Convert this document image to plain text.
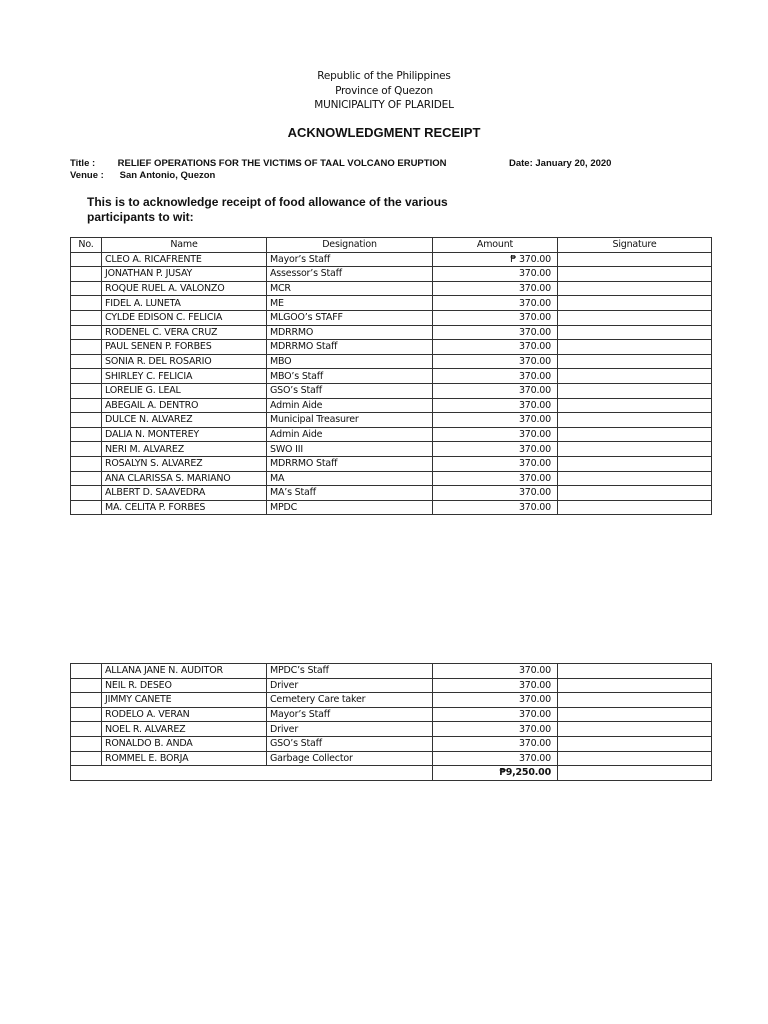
Republic of the Philippines
Province of Quezon
MUNICIPALITY OF PLARIDEL
ACKNOWLEDGMENT RECEIPT
Title : RELIEF OPERATIONS FOR THE VICTIMS OF TAAL VOLCANO ERUPTION
Venue : San Antonio, Quezon
Date: January 20, 2020
This is to acknowledge receipt of food allowance of the various participants to wit:
No.	Name	Designation	Amount	Signature
	CLEO A. RICAFRENTE	Mayor’s Staff	₱ 370.00	
	JONATHAN P. JUSAY	Assessor’s Staff	370.00	
	ROQUE RUEL A. VALONZO	MCR	370.00	
	FIDEL A. LUNETA	ME	370.00	
	CYLDE EDISON C. FELICIA	MLGOO’s STAFF	370.00	
	RODENEL C. VERA CRUZ	MDRRMO	370.00	
	PAUL SENEN P. FORBES	MDRRMO Staff	370.00	
	SONIA R. DEL ROSARIO	MBO	370.00	
	SHIRLEY C. FELICIA	MBO’s Staff	370.00	
	LORELIE G. LEAL	GSO’s Staff	370.00	
	ABEGAIL A. DENTRO	Admin Aide	370.00	
	DULCE N. ALVAREZ	Municipal Treasurer	370.00	
	DALIA N. MONTEREY	Admin Aide	370.00	
	NERI M. ALVAREZ	SWO III	370.00	
	ROSALYN S. ALVAREZ	MDRRMO Staff	370.00	
	ANA CLARISSA S. MARIANO	MA	370.00	
	ALBERT D. SAAVEDRA	MA’s Staff	370.00	
	MA. CELITA P. FORBES	MPDC	370.00	
	ALLANA JANE N. AUDITOR	MPDC’s Staff	370.00	
	NEIL R. DESEO	Driver	370.00	
	JIMMY CANETE	Cemetery Care taker	370.00	
	RODELO A. VERAN	Mayor’s Staff	370.00	
	NOEL R. ALVAREZ	Driver	370.00	
	RONALDO B. ANDA	GSO’s Staff	370.00	
	ROMMEL E. BORJA	Garbage Collector	370.00	
			₱9,250.00	
